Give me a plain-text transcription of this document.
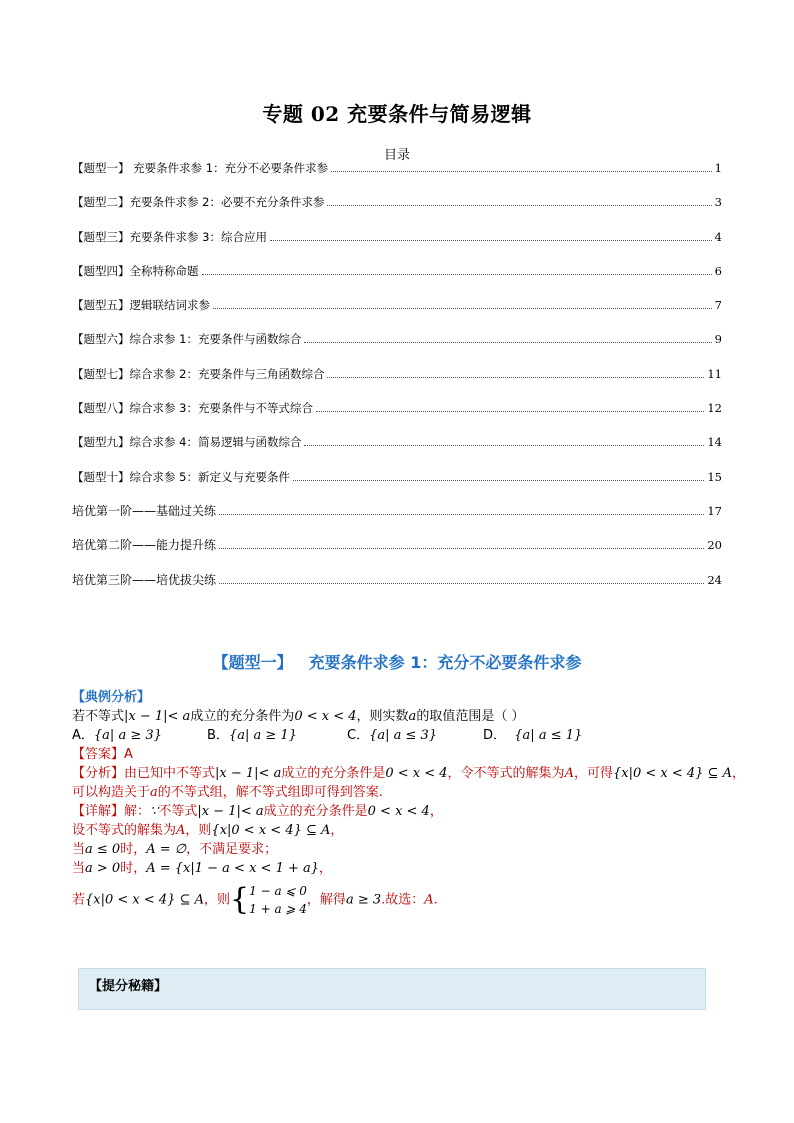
专题 02 充要条件与简易逻辑
目录
【题型一】 充要条件求参 1：充分不必要条件求参	1
【题型二】充要条件求参 2：必要不充分条件求参	3
【题型三】充要条件求参 3：综合应用	4
【题型四】全称特称命题	6
【题型五】逻辑联结词求参	7
【题型六】综合求参 1：充要条件与函数综合	9
【题型七】综合求参 2：充要条件与三角函数综合	11
【题型八】综合求参 3：充要条件与不等式综合	12
【题型九】综合求参 4：简易逻辑与函数综合	14
【题型十】综合求参 5：新定义与充要条件	15
培优第一阶——基础过关练	17
培优第二阶——能力提升练	20
培优第三阶——培优拔尖练	24
【题型一】 充要条件求参 1：充分不必要条件求参
【典例分析】
若不等式|x − 1|< a成立的充分条件为0 < x < 4，则实数a的取值范围是（ ）
A．{a| a ≥ 3}	B．{a| a ≥ 1}	C．{a| a ≤ 3}	D． {a| a ≤ 1}
【答案】A
【分析】由已知中不等式|x − 1|< a成立的充分条件是0 < x < 4，令不等式的解集为A，可得{x|0 < x < 4} ⊆ A，
可以构造关于a的不等式组，解不等式组即可得到答案.
【详解】解：∵不等式|x − 1|< a成立的充分条件是0 < x < 4，
设不等式的解集为A，则{x|0 < x < 4} ⊆ A，
当a ≤ 0时，A = ∅，不满足要求；
当a > 0时，A = {x|1 − a < x < 1 + a}，
若{x|0 < x < 4} ⊆ A，则{ 1 − a ⩽ 0
1 + a ⩾ 4
，解得a ≥ 3.故选：A.
【提分秘籍】
